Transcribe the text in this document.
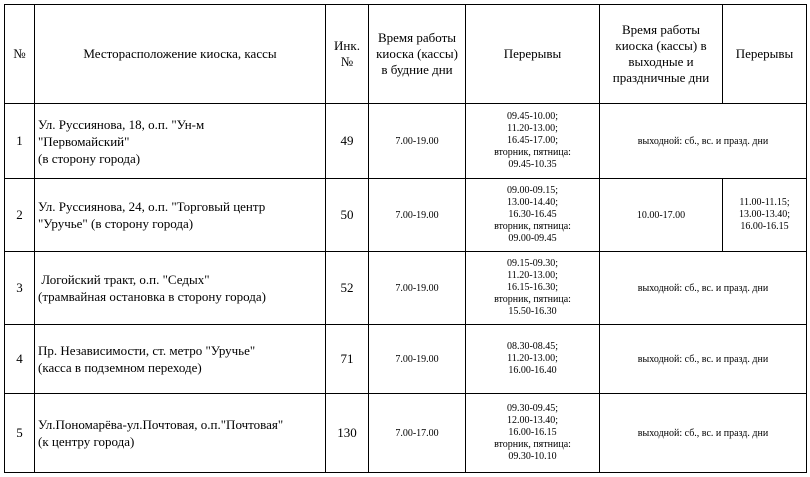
№	Месторасположение киоска, кассы	Инк. №	Время работы киоска (кассы) в будние дни	Перерывы	Время работы киоска (кассы) в выходные и праздничные дни	Перерывы
1	Ул. Руссиянова, 18, о.п. "Ун-м
"Первомайский"
(в сторону города)	49	7.00-19.00	09.45-10.00;
11.20-13.00;
16.45-17.00;
вторник, пятница:
09.45-10.35	выходной: сб., вс. и празд. дни	
2	Ул. Руссиянова, 24, о.п. "Торговый центр
"Уручье" (в сторону города)	50	7.00-19.00	09.00-09.15;
13.00-14.40;
16.30-16.45
вторник, пятница:
09.00-09.45	10.00-17.00	11.00-11.15;
13.00-13.40;
16.00-16.15

3	Логойский тракт, о.п. "Седых"
(трамвайная остановка в сторону города)	52	7.00-19.00	09.15-09.30;
11.20-13.00;
16.15-16.30;
вторник, пятница:
15.50-16.30	выходной: сб., вс. и празд. дни	
4	Пр. Независимости, ст. метро "Уручье"
(касса в подземном переходе)	71	7.00-19.00	08.30-08.45;
11.20-13.00;
16.00-16.40	выходной: сб., вс. и празд. дни	
5	Ул.Пономарёва-ул.Почтовая, о.п."Почтовая"
(к центру города)	130	7.00-17.00	09.30-09.45;
12.00-13.40;
16.00-16.15
вторник, пятница:
09.30-10.10	выходной: сб., вс. и празд. дни	
